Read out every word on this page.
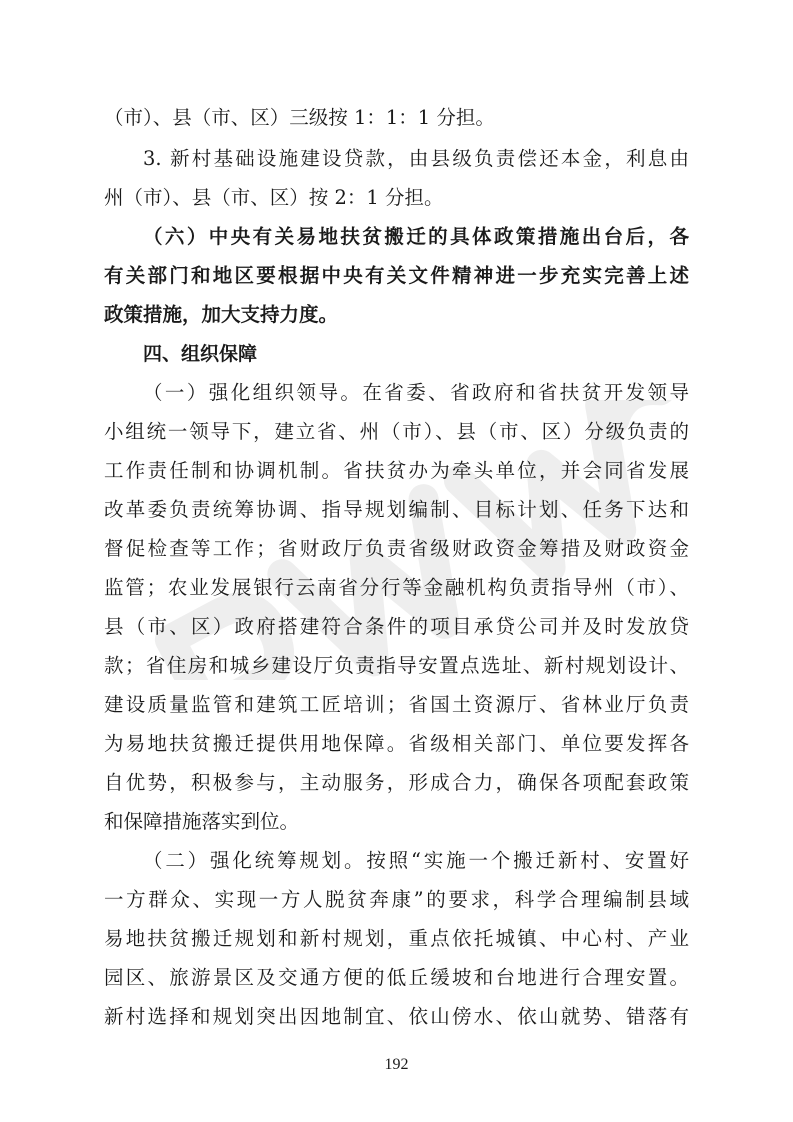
（市）、县（市、区）三级按 1：1：1 分担。
3. 新村基础设施建设贷款，由县级负责偿还本金，利息由
州（市）、县（市、区）按 2：1 分担。
（六）中央有关易地扶贫搬迁的具体政策措施出台后，各
有关部门和地区要根据中央有关文件精神进一步充实完善上述
政策措施，加大支持力度。
四、组织保障
（一）强化组织领导。在省委、省政府和省扶贫开发领导
小组统一领导下，建立省、州（市）、县（市、区）分级负责的
工作责任制和协调机制。省扶贫办为牵头单位，并会同省发展
改革委负责统筹协调、指导规划编制、目标计划、任务下达和
督促检查等工作；省财政厅负责省级财政资金筹措及财政资金
监管；农业发展银行云南省分行等金融机构负责指导州（市）、
县（市、区）政府搭建符合条件的项目承贷公司并及时发放贷
款；省住房和城乡建设厅负责指导安置点选址、新村规划设计、
建设质量监管和建筑工匠培训；省国土资源厅、省林业厅负责
为易地扶贫搬迁提供用地保障。省级相关部门、单位要发挥各
自优势，积极参与，主动服务，形成合力，确保各项配套政策
和保障措施落实到位。
（二）强化统筹规划。按照“实施一个搬迁新村、安置好
一方群众、实现一方人脱贫奔康”的要求，科学合理编制县域
易地扶贫搬迁规划和新村规划，重点依托城镇、中心村、产业
园区、旅游景区及交通方便的低丘缓坡和台地进行合理安置。
新村选择和规划突出因地制宜、依山傍水、依山就势、错落有
192
